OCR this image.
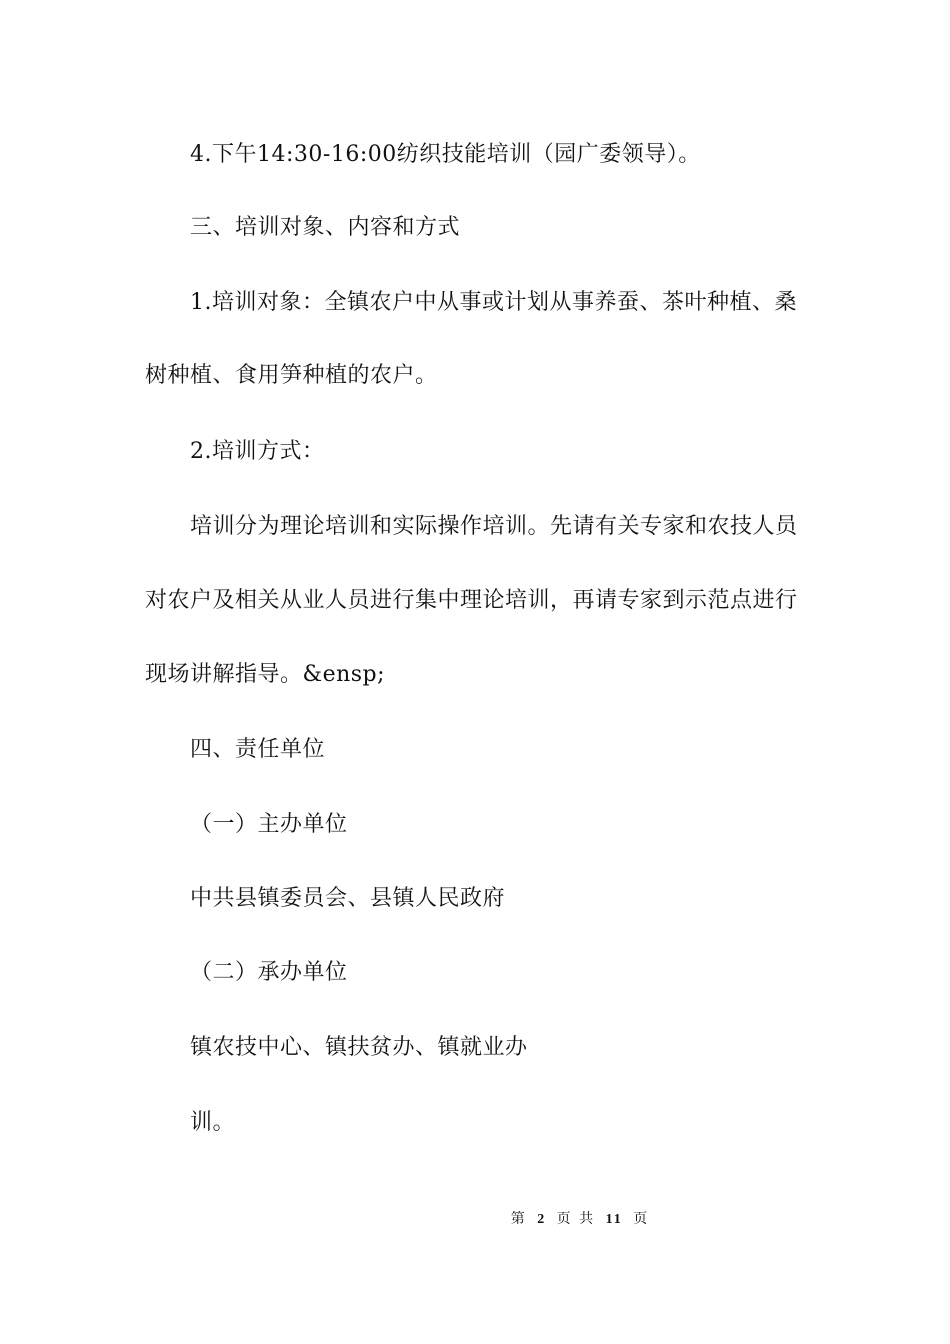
4.下午14:30-16:00纺织技能培训（园广委领导）。
三、培训对象、内容和方式
1.培训对象：全镇农户中从事或计划从事养蚕、茶叶种植、桑
树种植、食用笋种植的农户。
2.培训方式：
培训分为理论培训和实际操作培训。先请有关专家和农技人员
对农户及相关从业人员进行集中理论培训，再请专家到示范点进行
现场讲解指导。&ensp;
四、责任单位
（一）主办单位
中共县镇委员会、县镇人民政府
（二）承办单位
镇农技中心、镇扶贫办、镇就业办
训。
第 2 页 共 11 页
